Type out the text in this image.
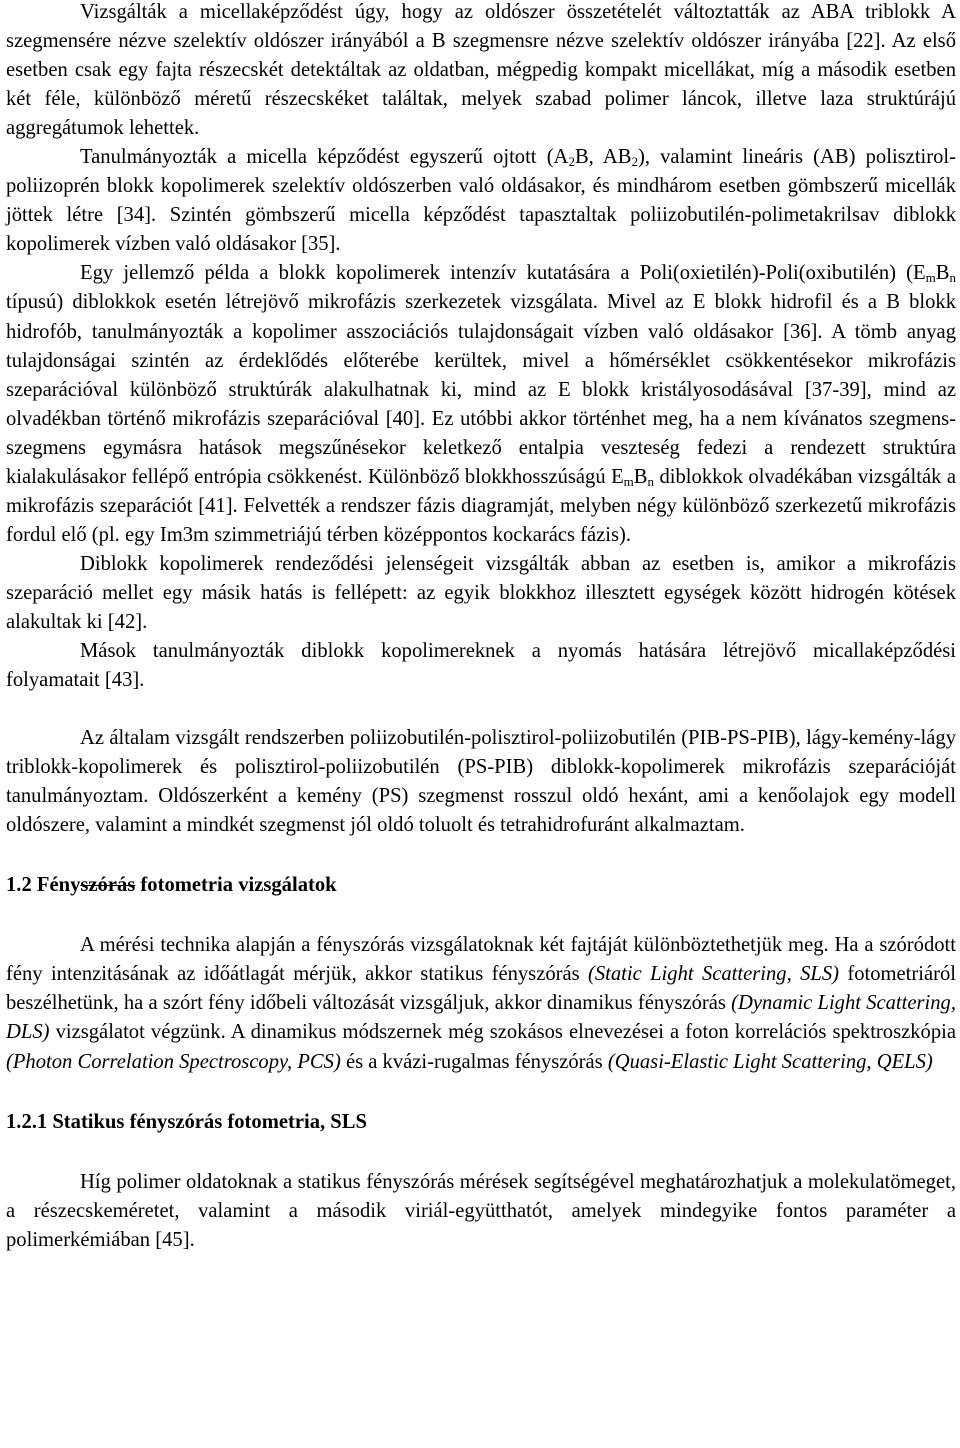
Vizsgálták a micellaképződést úgy, hogy az oldószer összetételét változtatták az ABA triblokk A szegmensére nézve szelektív oldószer irányából a B szegmensre nézve szelektív oldószer irányába [22]. Az első esetben csak egy fajta részecskét detektáltak az oldatban, mégpedig kompakt micellákat, míg a második esetben két féle, különböző méretű részecskéket találtak, melyek szabad polimer láncok, illetve laza struktúrájú aggregátumok lehettek.

Tanulmányozták a micella képződést egyszerű ojtott ($A_2B$, $AB_2$), valamint lineáris (AB) polisztirol-poliizoprén blokk kopolimerek szelektív oldószerben való oldásakor, és mindhárom esetben gömbszerű micellák jöttek létre [34]. Szintén gömbszerű micella képződést tapasztaltak poliizobutilén-polimetakrilsav diblokk kopolimerek vízben való oldásakor [35].

Egy jellemző példa a blokk kopolimerek intenzív kutatására a Poli(oxietilén)-Poli(oxibutilén) ($E_mB_n$ típusú) diblokkok esetén létrejövő mikrofázis szerkezetek vizsgálata. Mivel az E blokk hidrofil és a B blokk hidrofób, tanulmányozták a kopolimer asszociációs tulajdonságait vízben való oldásakor [36]. A tömb anyag tulajdonságai szintén az érdeklődés előterébe kerültek, mivel a hőmérséklet csökkentésekor mikrofázis szeparációval különböző struktúrák alakulhatnak ki, mind az E blokk kristályosodásával [37-39], mind az olvadékban történő mikrofázis szeparációval [40]. Ez utóbbi akkor történhet meg, ha a nem kívánatos szegmens-szegmens egymásra hatások megszűnésekor keletkező entalpia veszteség fedezi a rendezett struktúra kialakulásakor fellépő entrópia csökkenést. Különböző blokkhosszúságú $E_mB_n$ diblokkok olvadékában vizsgálták a mikrofázis szeparációt [41]. Felvették a rendszer fázis diagramját, melyben négy különböző szerkezetű mikrofázis fordul elő (pl. egy Im3m szimmetriájú térben középpontos kockarács fázis).

Diblokk kopolimerek rendeződési jelenségeit vizsgálták abban az esetben is, amikor a mikrofázis szeparáció mellet egy másik hatás is fellépett: az egyik blokkhoz illesztett egységek között hidrogén kötések alakultak ki [42].

Mások tanulmányozták diblokk kopolimereknek a nyomás hatására létrejövő micallaképződési folyamatait [43].

Az általam vizsgált rendszerben poliizobutilén-polisztirol-poliizobutilén (PIB-PS-PIB), lágy-kemény-lágy triblokk-kopolimerek és polisztirol-poliizobutilén (PS-PIB) diblokk-kopolimerek mikrofázis szeparációját tanulmányoztam. Oldószerként a kemény (PS) szegmenst rosszul oldó hexánt, ami a kenőolajok egy modell oldószere, valamint a mindkét szegmenst jól oldó toluolt és tetrahidrofuránt alkalmaztam.

1.2 Fényszórás fotometria vizsgálatok

A mérési technika alapján a fényszórás vizsgálatoknak két fajtáját különböztethetjük meg. Ha a szóródott fény intenzitásának az időátlagát mérjük, akkor statikus fényszórás (Static Light Scattering, SLS) fotometriáról beszélhetünk, ha a szórt fény időbeli változását vizsgáljuk, akkor dinamikus fényszórás (Dynamic Light Scattering, DLS) vizsgálatot végzünk. A dinamikus módszernek még szokásos elnevezései a foton korrelációs spektroszkópia (Photon Correlation Spectroscopy, PCS) és a kvázi-rugalmas fényszórás (Quasi-Elastic Light Scattering, QELS)

1.2.1 Statikus fényszórás fotometria, SLS

Híg polimer oldatoknak a statikus fényszórás mérések segítségével meghatározhatjuk a molekulatömeget, a részecskeméretet, valamint a második viriál-együtthatót, amelyek mindegyike fontos paraméter a polimerkémiában [45].
